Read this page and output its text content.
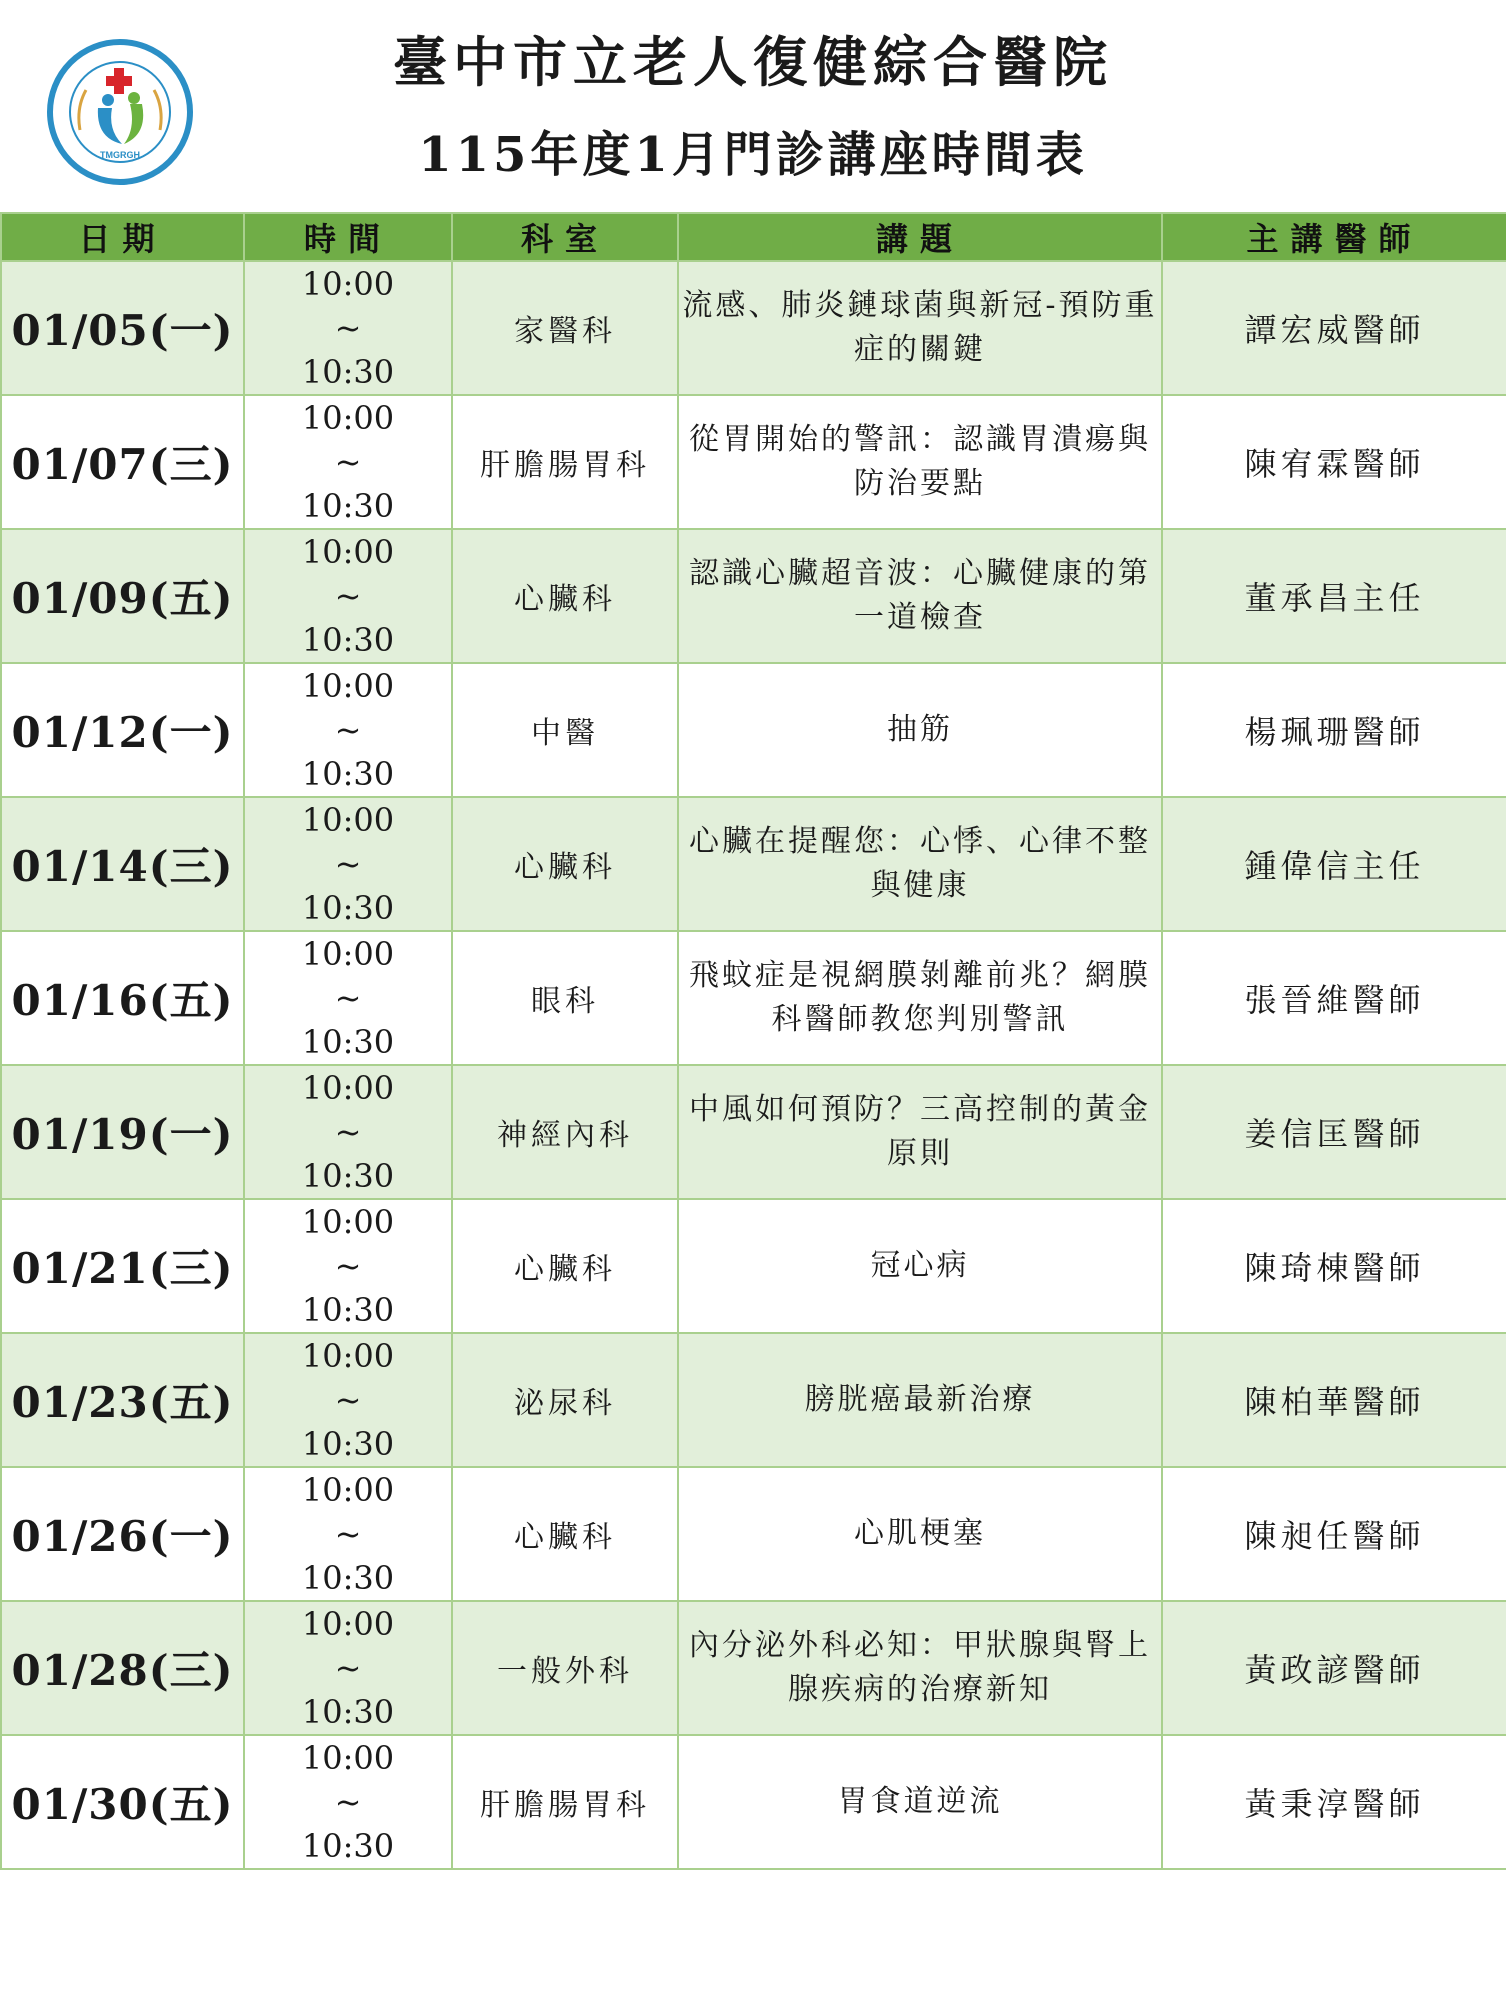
TMGRGH
臺中市立老人復健綜合醫院
115年度1月門診講座時間表
日期	時間	科室	講題	主講醫師
01/05(一)	10:00
~
10:30	家醫科	流感、肺炎鏈球菌與新冠-預防重症的關鍵	譚宏威醫師
01/07(三)	10:00
~
10:30	肝膽腸胃科	從胃開始的警訊：認識胃潰瘍與防治要點	陳宥霖醫師
01/09(五)	10:00
~
10:30	心臟科	認識心臟超音波：心臟健康的第一道檢查	董承昌主任
01/12(一)	10:00
~
10:30	中醫	抽筋	楊珮珊醫師
01/14(三)	10:00
~
10:30	心臟科	心臟在提醒您：心悸、心律不整與健康	鍾偉信主任
01/16(五)	10:00
~
10:30	眼科	飛蚊症是視網膜剝離前兆？網膜科醫師教您判別警訊	張晉維醫師
01/19(一)	10:00
~
10:30	神經內科	中風如何預防？三高控制的黃金原則	姜信匡醫師
01/21(三)	10:00
~
10:30	心臟科	冠心病	陳琦棟醫師
01/23(五)	10:00
~
10:30	泌尿科	膀胱癌最新治療	陳柏華醫師
01/26(一)	10:00
~
10:30	心臟科	心肌梗塞	陳昶任醫師
01/28(三)	10:00
~
10:30	一般外科	內分泌外科必知：甲狀腺與腎上腺疾病的治療新知	黃政諺醫師
01/30(五)	10:00
~
10:30	肝膽腸胃科	胃食道逆流	黃秉淳醫師
